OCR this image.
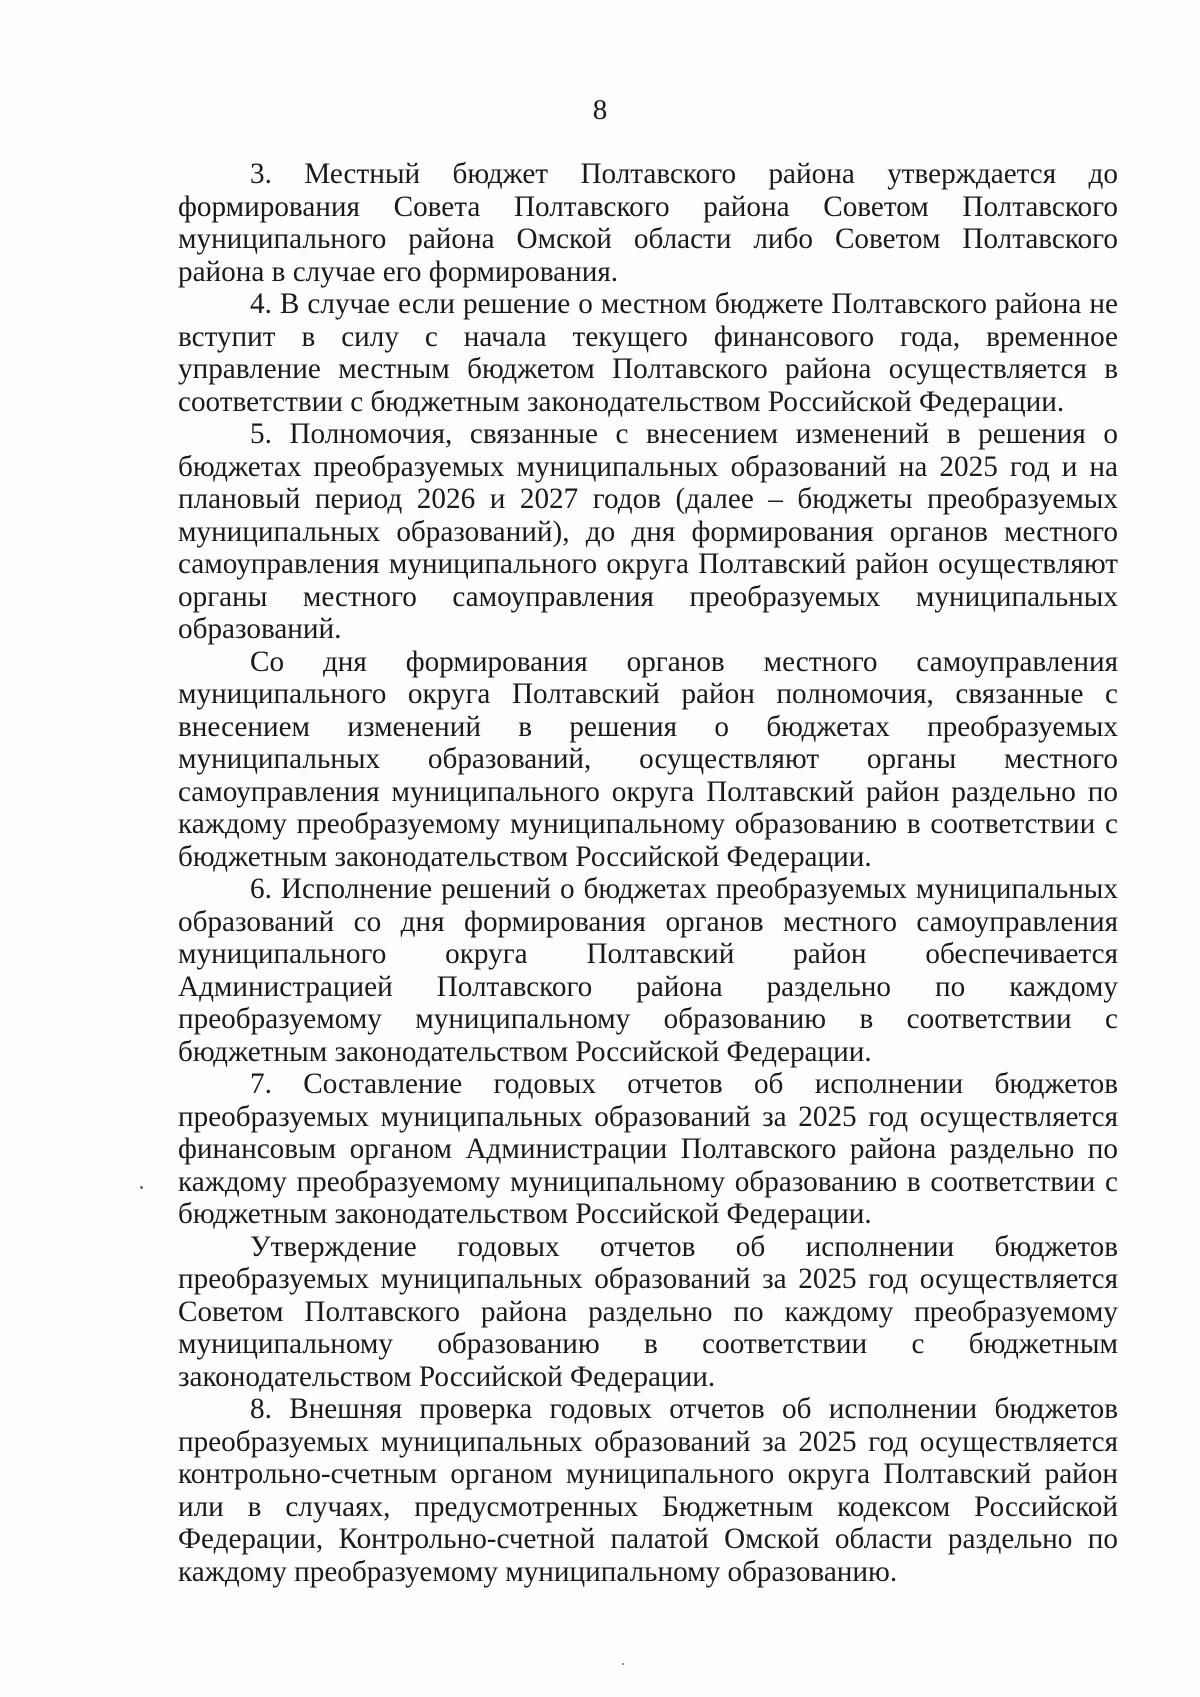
8

3. Местный бюджет Полтавского района утверждается до формирования Совета Полтавского района Советом Полтавского муниципального района Омской области либо Советом Полтавского района в случае его формирования.

4. В случае если решение о местном бюджете Полтавского района не вступит в силу с начала текущего финансового года, временное управление местным бюджетом Полтавского района осуществляется в соответствии с бюджетным законодательством Российской Федерации.

5. Полномочия, связанные с внесением изменений в решения о бюджетах преобразуемых муниципальных образований на 2025 год и на плановый период 2026 и 2027 годов (далее – бюджеты преобразуемых муниципальных образований), до дня формирования органов местного самоуправления муниципального округа Полтавский район осуществляют органы местного самоуправления преобразуемых муниципальных образований.

Со дня формирования органов местного самоуправления муниципального округа Полтавский район полномочия, связанные с внесением изменений в решения о бюджетах преобразуемых муниципальных образований, осуществляют органы местного самоуправления муниципального округа Полтавский район раздельно по каждому преобразуемому муниципальному образованию в соответствии с бюджетным законодательством Российской Федерации.

6. Исполнение решений о бюджетах преобразуемых муниципальных образований со дня формирования органов местного самоуправления муниципального округа Полтавский район обеспечивается Администрацией Полтавского района раздельно по каждому преобразуемому муниципальному образованию в соответствии с бюджетным законодательством Российской Федерации.

7. Составление годовых отчетов об исполнении бюджетов преобразуемых муниципальных образований за 2025 год осуществляется финансовым органом Администрации Полтавского района раздельно по каждому преобразуемому муниципальному образованию в соответствии с бюджетным законодательством Российской Федерации.

Утверждение годовых отчетов об исполнении бюджетов преобразуемых муниципальных образований за 2025 год осуществляется Советом Полтавского района раздельно по каждому преобразуемому муниципальному образованию в соответствии с бюджетным законодательством Российской Федерации.

8. Внешняя проверка годовых отчетов об исполнении бюджетов преобразуемых муниципальных образований за 2025 год осуществляется контрольно-счетным органом муниципального округа Полтавский район или в случаях, предусмотренных Бюджетным кодексом Российской Федерации, Контрольно-счетной палатой Омской области раздельно по каждому преобразуемому муниципальному образованию.
